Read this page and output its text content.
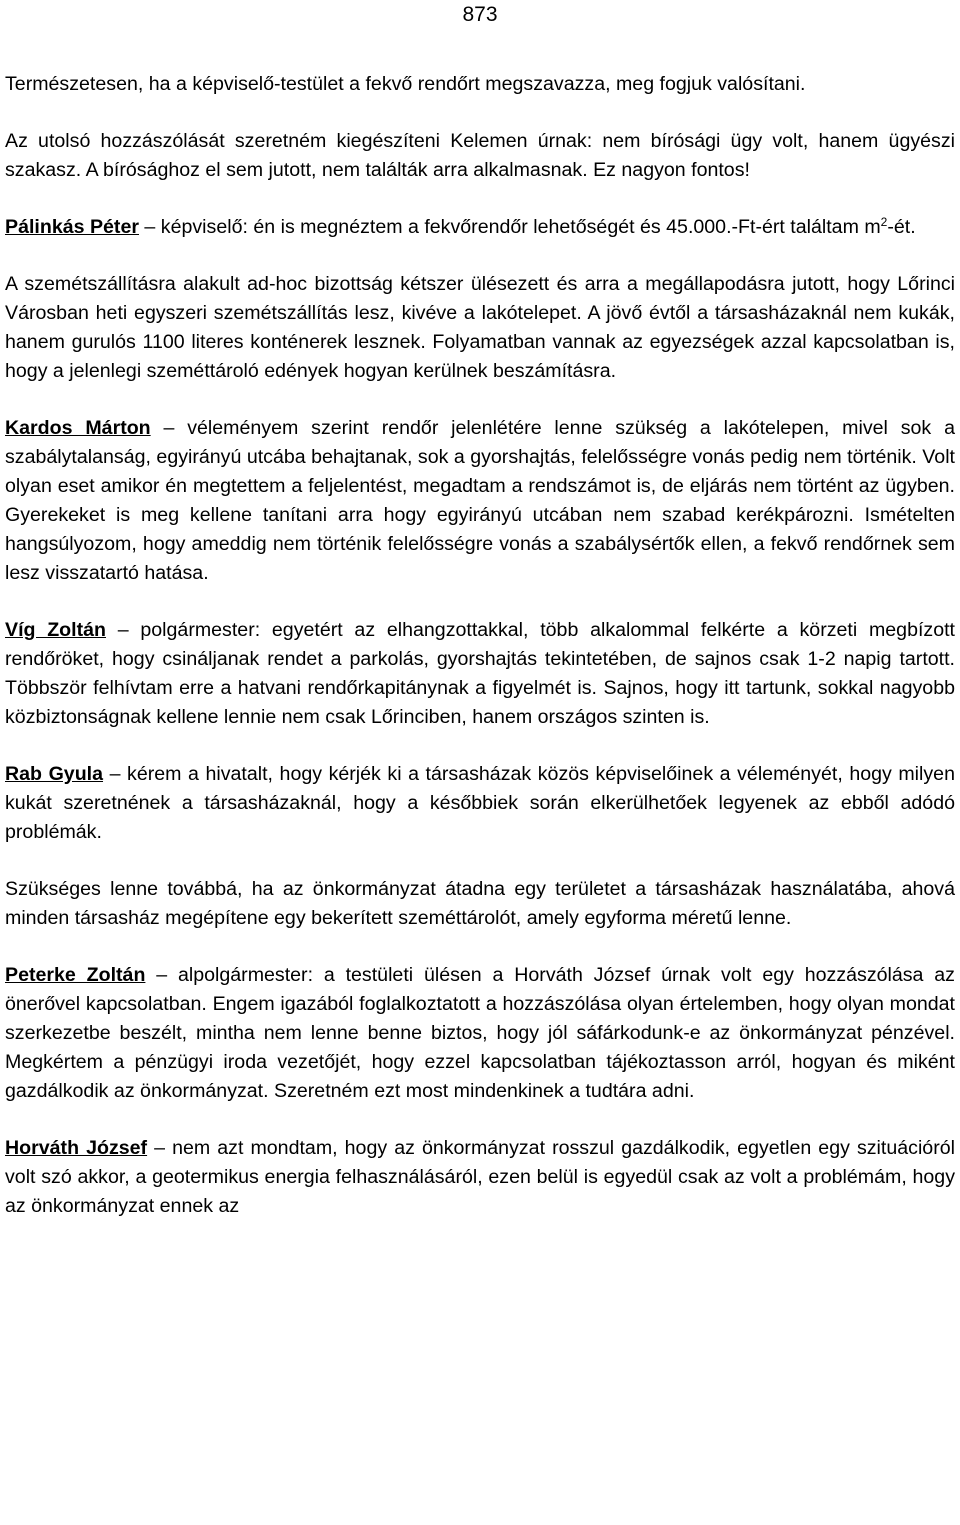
873

Természetesen, ha a képviselő-testület a fekvő rendőrt megszavazza, meg fogjuk valósítani.

Az utolsó hozzászólását szeretném kiegészíteni Kelemen úrnak: nem bírósági ügy volt, hanem ügyészi szakasz. A bírósághoz el sem jutott, nem találták arra alkalmasnak. Ez nagyon fontos!

Pálinkás Péter – képviselő: én is megnéztem a fekvőrendőr lehetőségét és 45.000.-Ft-ért találtam $m^2-ét$.

A szemétszállításra alakult ad-hoc bizottság kétszer ülésezett és arra a megállapodásra jutott, hogy Lőrinci Városban heti egyszeri szemétszállítás lesz, kivéve a lakótelepet. A jövő évtől a társasházaknál nem kukák, hanem gurulós 1100 literes konténerek lesznek. Folyamatban vannak az egyezségek azzal kapcsolatban is, hogy a jelenlegi szeméttároló edények hogyan kerülnek beszámításra.

Kardos Márton – véleményem szerint rendőr jelenlétére lenne szükség a lakótelepen, mivel sok a szabálytalanság, egyirányú utcába behajtanak, sok a gyorshajtás, felelősségre vonás pedig nem történik. Volt olyan eset amikor én megtettem a feljelentést, megadtam a rendszámot is, de eljárás nem történt az ügyben. Gyerekeket is meg kellene tanítani arra hogy egyirányú utcában nem szabad kerékpározni. Ismételten hangsúlyozom, hogy ameddig nem történik felelősségre vonás a szabálysértők ellen, a fekvő rendőrnek sem lesz visszatartó hatása.

Víg Zoltán – polgármester: egyetért az elhangzottakkal, több alkalommal felkérte a körzeti megbízott rendőröket, hogy csináljanak rendet a parkolás, gyorshajtás tekintetében, de sajnos csak 1-2 napig tartott. Többször felhívtam erre a hatvani rendőrkapitánynak a figyelmét is. Sajnos, hogy itt tartunk, sokkal nagyobb közbiztonságnak kellene lennie nem csak Lőrinciben, hanem országos szinten is.

Rab Gyula – kérem a hivatalt, hogy kérjék ki a társasházak közös képviselőinek a véleményét, hogy milyen kukát szeretnének a társasházaknál, hogy a későbbiek során elkerülhetőek legyenek az ebből adódó problémák.

Szükséges lenne továbbá, ha az önkormányzat átadna egy területet a társasházak használatába, ahová minden társasház megépítene egy bekerített szeméttárolót, amely egyforma méretű lenne.

Peterke Zoltán – alpolgármester: a testületi ülésen a Horváth József úrnak volt egy hozzászólása az önerővel kapcsolatban. Engem igazából foglalkoztatott a hozzászólása olyan értelemben, hogy olyan mondat szerkezetbe beszélt, mintha nem lenne benne biztos, hogy jól sáfárkodunk-e az önkormányzat pénzével. Megkértem a pénzügyi iroda vezetőjét, hogy ezzel kapcsolatban tájékoztasson arról, hogyan és miként gazdálkodik az önkormányzat. Szeretném ezt most mindenkinek a tudtára adni.

Horváth József – nem azt mondtam, hogy az önkormányzat rosszul gazdálkodik, egyetlen egy szituációról volt szó akkor, a geotermikus energia felhasználásáról, ezen belül is egyedül csak az volt a problémám, hogy az önkormányzat ennek az
